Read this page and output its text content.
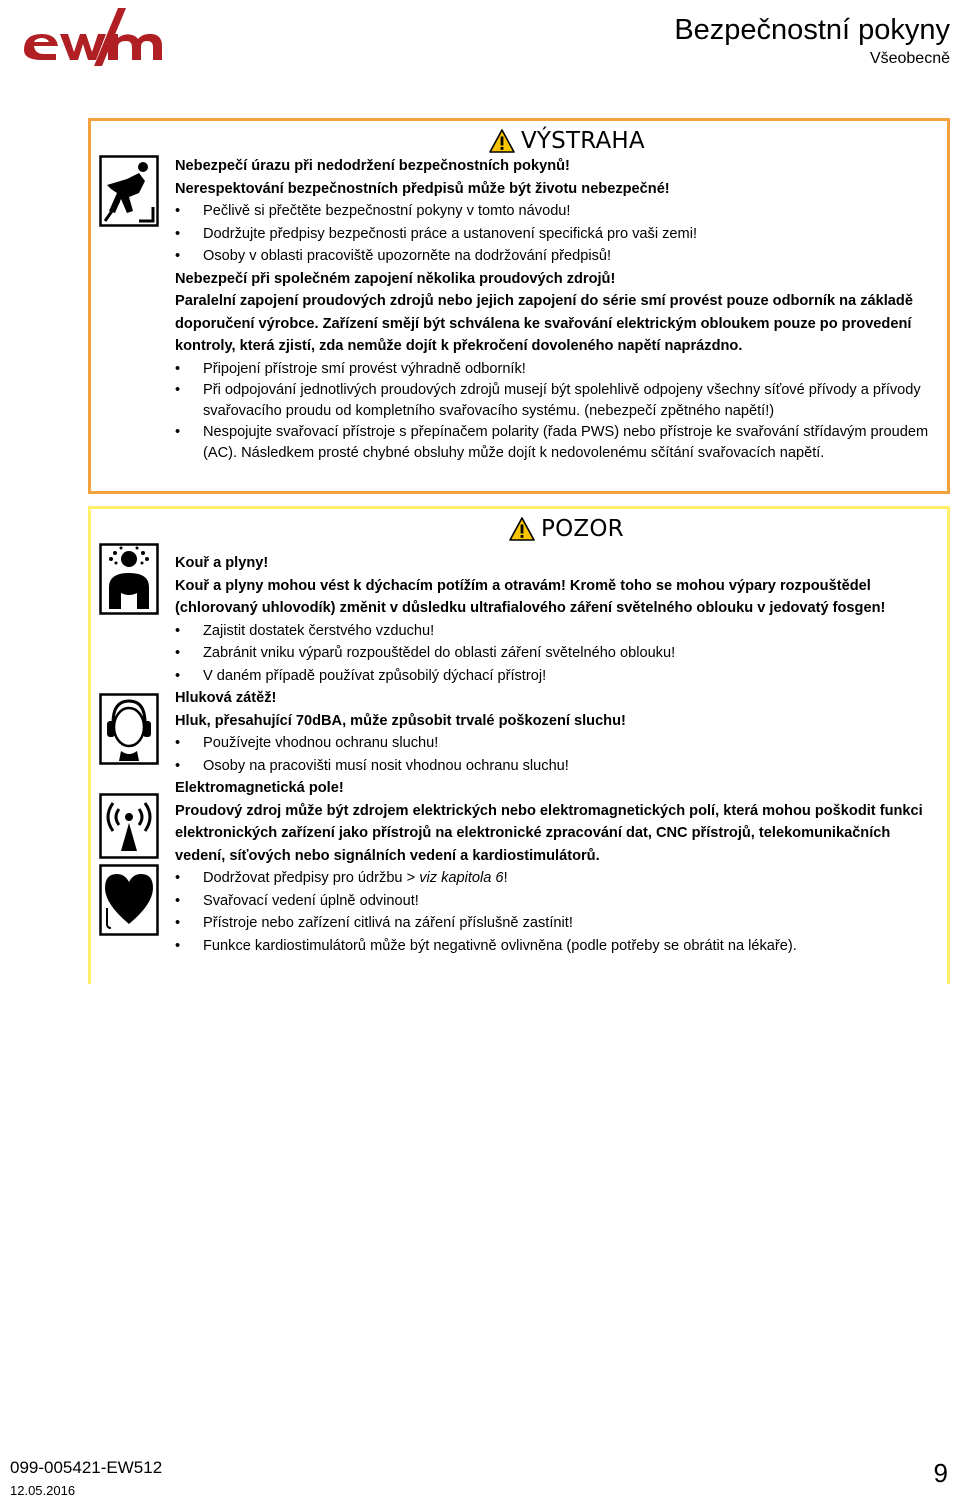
Bezpečnostní pokyny
Všeobecně
VÝSTRAHA

Nebezpečí úrazu při nedodržení bezpečnostních pokynů!

Nerespektování bezpečnostních předpisů může být životu nebezpečné!

• Pečlivě si přečtěte bezpečnostní pokyny v tomto návodu!

• Dodržujte předpisy bezpečnosti práce a ustanovení specifická pro vaši zemi!

• Osoby v oblasti pracoviště upozorněte na dodržování předpisů!

Nebezpečí při společném zapojení několika proudových zdrojů!

Paralelní zapojení proudových zdrojů nebo jejich zapojení do série smí provést pouze odborník na základě doporučení výrobce. Zařízení smějí být schválena ke svařování elektrickým obloukem pouze po provedení kontroly, která zjistí, zda nemůže dojít k překročení dovoleného napětí naprázdno.

• Připojení přístroje smí provést výhradně odborník!

• Při odpojování jednotlivých proudových zdrojů musejí být spolehlivě odpojeny všechny síťové přívody a přívody svařovacího proudu od kompletního svařovacího systému. (nebezpečí zpětného napětí!)

• Nespojujte svařovací přístroje s přepínačem polarity (řada PWS) nebo přístroje ke svařování střídavým proudem (AC). Následkem prosté chybné obsluhy může dojít k nedovolenému sčítání svařovacích napětí.

POZOR

Kouř a plyny!

Kouř a plyny mohou vést k dýchacím potížím a otravám! Kromě toho se mohou výpary rozpouštědel (chlorovaný uhlovodík) změnit v důsledku ultrafialového záření světelného oblouku v jedovatý fosgen!

• Zajistit dostatek čerstvého vzduchu!

• Zabránit vniku výparů rozpouštědel do oblasti záření světelného oblouku!

• V daném případě používat způsobilý dýchací přístroj!

Hluková zátěž!

Hluk, přesahující 70dBA, může způsobit trvalé poškození sluchu!

• Používejte vhodnou ochranu sluchu!

• Osoby na pracovišti musí nosit vhodnou ochranu sluchu!

Elektromagnetická pole!

Proudový zdroj může být zdrojem elektrických nebo elektromagnetických polí, která mohou poškodit funkci elektronických zařízení jako přístrojů na elektronické zpracování dat, CNC přístrojů, telekomunikačních vedení, síťových nebo signálních vedení a kardiostimulátorů.

• Dodržovat předpisy pro údržbu > viz kapitola 6!

• Svařovací vedení úplně odvinout!

• Přístroje nebo zařízení citlivá na záření příslušně zastínit!

• Funkce kardiostimulátorů může být negativně ovlivněna (podle potřeby se obrátit na lékaře).

099-005421-EW512
12.05.2016
9
